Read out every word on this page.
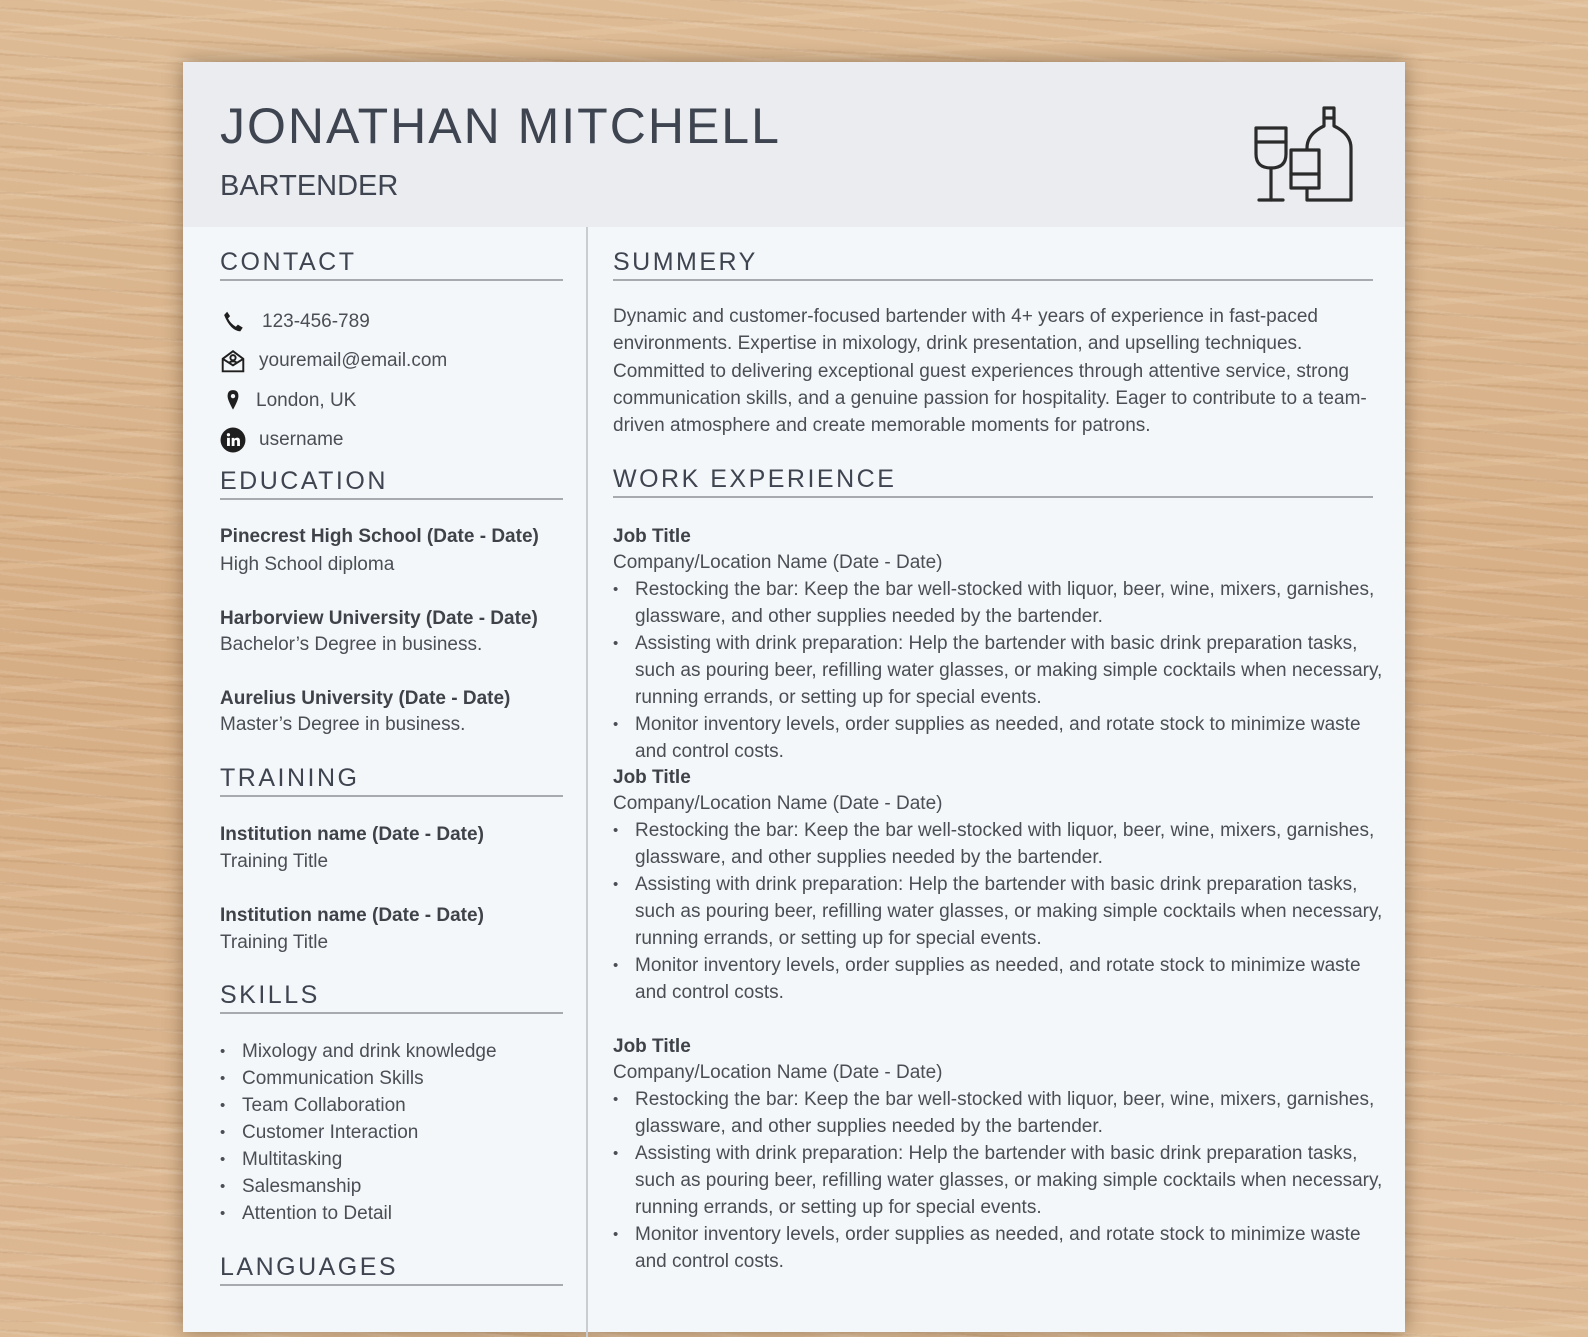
JONATHAN MITCHELL
BARTENDER
CONTACT
123-456-789
youremail@email.com
London, UK
username
EDUCATION
Pinecrest High School (Date - Date)
High School diploma
Harborview University (Date - Date)
Bachelor’s Degree in business.
Aurelius University (Date - Date)
Master’s Degree in business.
TRAINING
Institution name (Date - Date)
Training Title
Institution name (Date - Date)
Training Title
SKILLS
• Mixology and drink knowledge
• Communication Skills
• Team Collaboration
• Customer Interaction
• Multitasking
• Salesmanship
• Attention to Detail
LANGUAGES
SUMMERY
Dynamic and customer-focused bartender with 4+ years of experience in fast-paced environments. Expertise in mixology, drink presentation, and upselling techniques. Committed to delivering exceptional guest experiences through attentive service, strong communication skills, and a genuine passion for hospitality. Eager to contribute to a team-driven atmosphere and create memorable moments for patrons.
WORK EXPERIENCE
Job Title
Company/Location Name (Date - Date)
• Restocking the bar: Keep the bar well-stocked with liquor, beer, wine, mixers, garnishes, glassware, and other supplies needed by the bartender.
• Assisting with drink preparation: Help the bartender with basic drink preparation tasks, such as pouring beer, refilling water glasses, or making simple cocktails when necessary, running errands, or setting up for special events.
• Monitor inventory levels, order supplies as needed, and rotate stock to minimize waste and control costs.
Job Title
Company/Location Name (Date - Date)
• Restocking the bar: Keep the bar well-stocked with liquor, beer, wine, mixers, garnishes, glassware, and other supplies needed by the bartender.
• Assisting with drink preparation: Help the bartender with basic drink preparation tasks, such as pouring beer, refilling water glasses, or making simple cocktails when necessary, running errands, or setting up for special events.
• Monitor inventory levels, order supplies as needed, and rotate stock to minimize waste and control costs.
Job Title
Company/Location Name (Date - Date)
• Restocking the bar: Keep the bar well-stocked with liquor, beer, wine, mixers, garnishes, glassware, and other supplies needed by the bartender.
• Assisting with drink preparation: Help the bartender with basic drink preparation tasks, such as pouring beer, refilling water glasses, or making simple cocktails when necessary, running errands, or setting up for special events.
• Monitor inventory levels, order supplies as needed, and rotate stock to minimize waste and control costs.
